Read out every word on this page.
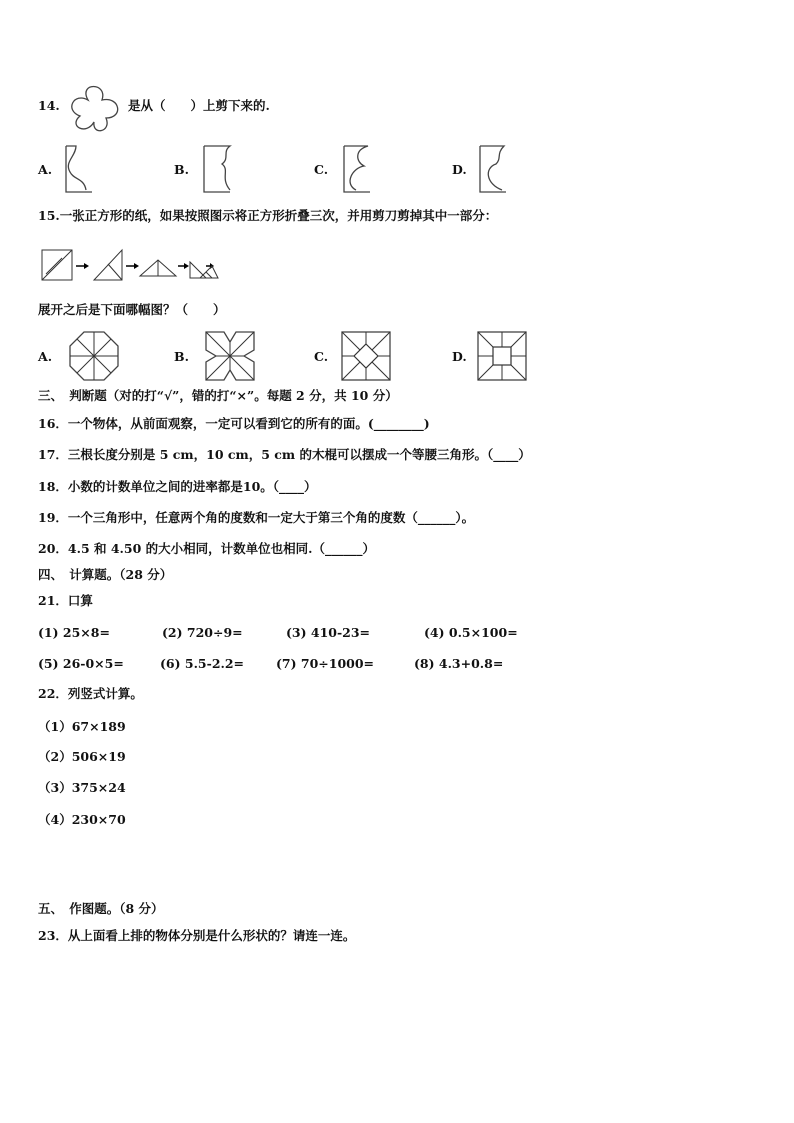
14.	是从（　　）上剪下来的.
A.	B.	C.	D.
15.一张正方形的纸，如果按照图示将正方形折叠三次，并用剪刀剪掉其中一部分：
展开之后是下面哪幅图？（　　）
A.	B.	C.	D.
三、　判断题（对的打“√”，错的打“×”。每题 2 分，共 10 分）
16．一个物体，从前面观察，一定可以看到它的所有的面。(________)
17．三根长度分别是 5 cm，10 cm，5 cm 的木棍可以摆成一个等腰三角形。（____）
18．小数的计数单位之间的进率都是10。（____）
19．一个三角形中，任意两个角的度数和一定大于第三个角的度数（______）。
20．4.5 和 4.50 的大小相同，计数单位也相同.（______）
四、　计算题。（28 分）
21．口算
(1) 25×8=	(2) 720÷9=	(3) 410-23=	(4) 0.5×100=
(5) 26-0×5=	(6) 5.5-2.2=	(7) 70÷1000=	(8) 4.3+0.8=
22．列竖式计算。
（1）67×189
（2）506×19
（3）375×24
（4）230×70
五、　作图题。（8 分）
23．从上面看上排的物体分别是什么形状的？请连一连。
